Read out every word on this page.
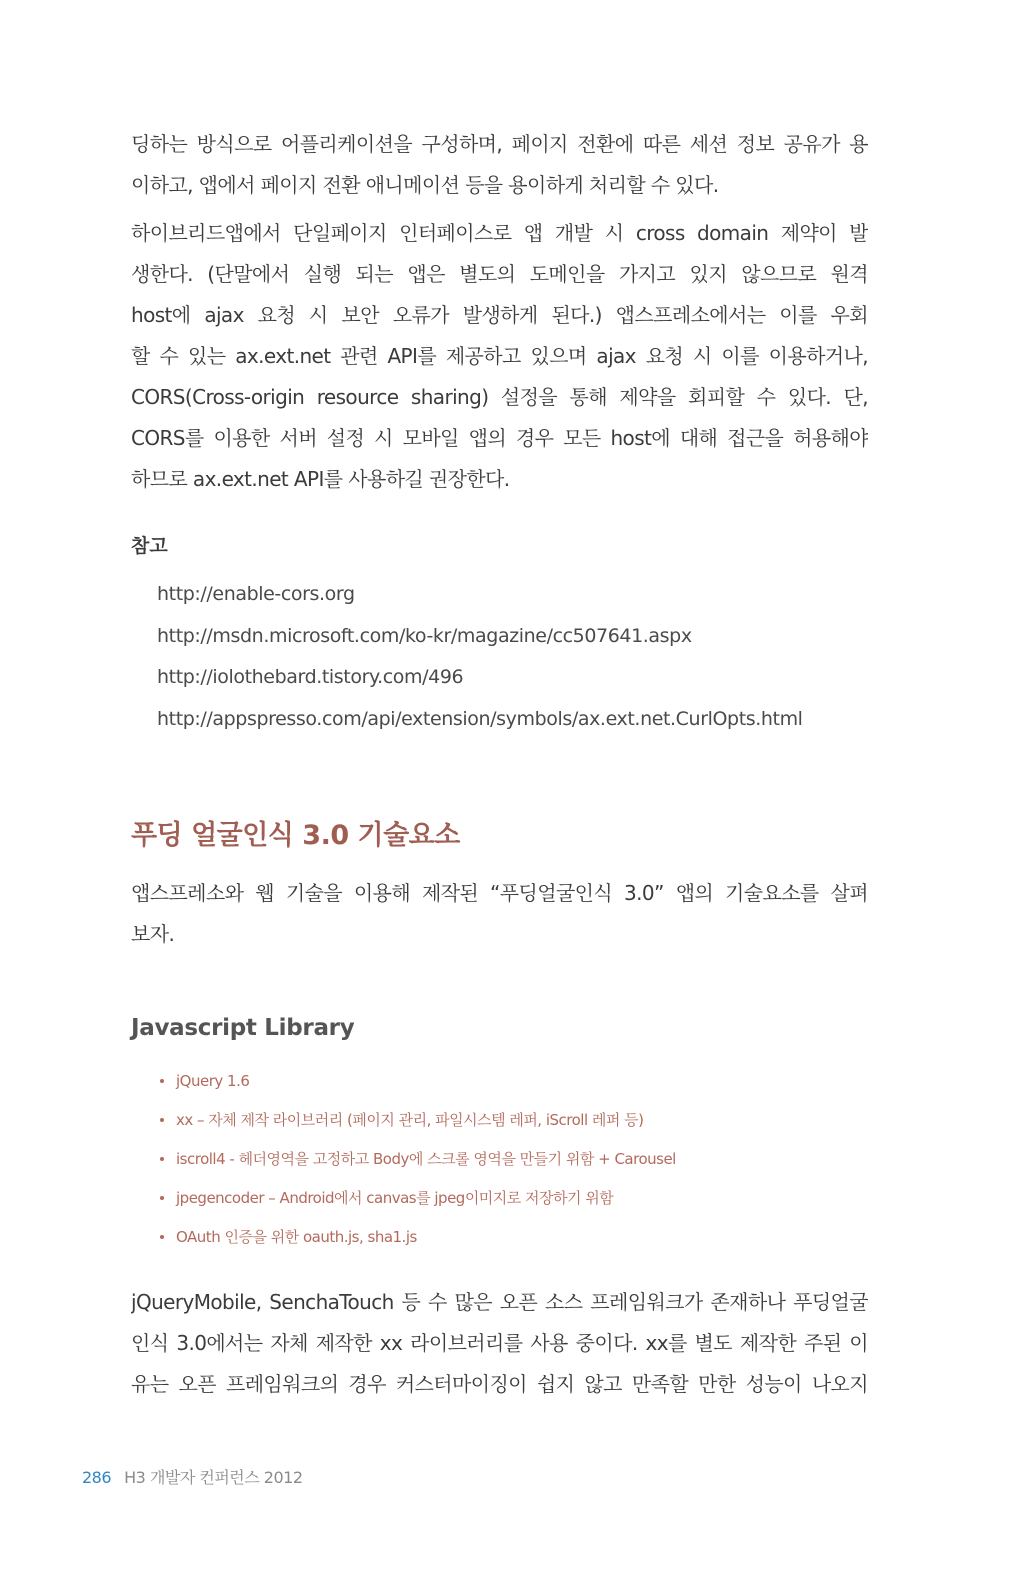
딩하는 방식으로 어플리케이션을 구성하며, 페이지 전환에 따른 세션 정보 공유가 용
이하고, 앱에서 페이지 전환 애니메이션 등을 용이하게 처리할 수 있다.
하이브리드앱에서 단일페이지 인터페이스로 앱 개발 시 cross domain 제약이 발
생한다. (단말에서 실행 되는 앱은 별도의 도메인을 가지고 있지 않으므로 원격
host에 ajax 요청 시 보안 오류가 발생하게 된다.) 앱스프레소에서는 이를 우회
할 수 있는 ax.ext.net 관련 API를 제공하고 있으며 ajax 요청 시 이를 이용하거나,
CORS(Cross-origin resource sharing) 설정을 통해 제약을 회피할 수 있다. 단,
CORS를 이용한 서버 설정 시 모바일 앱의 경우 모든 host에 대해 접근을 허용해야
하므로 ax.ext.net API를 사용하길 권장한다.
참고
http://enable-cors.org
http://msdn.microsoft.com/ko-kr/magazine/cc507641.aspx
http://iolothebard.tistory.com/496
http://appspresso.com/api/extension/symbols/ax.ext.net.CurlOpts.html
푸딩 얼굴인식 3.0 기술요소
앱스프레소와 웹 기술을 이용해 제작된 “푸딩얼굴인식 3.0” 앱의 기술요소를 살펴
보자.
Javascript Library
jQuery 1.6
xx – 자체 제작 라이브러리 (페이지 관리, 파일시스템 레퍼, iScroll 레퍼 등)
iscroll4 - 헤더영역을 고정하고 Body에 스크롤 영역을 만들기 위함 + Carousel
jpegencoder – Android에서 canvas를 jpeg이미지로 저장하기 위함
OAuth 인증을 위한 oauth.js, sha1.js
jQueryMobile, SenchaTouch 등 수 많은 오픈 소스 프레임워크가 존재하나 푸딩얼굴
인식 3.0에서는 자체 제작한 xx 라이브러리를 사용 중이다. xx를 별도 제작한 주된 이
유는 오픈 프레임워크의 경우 커스터마이징이 쉽지 않고 만족할 만한 성능이 나오지
286 H3 개발자 컨퍼런스 2012
